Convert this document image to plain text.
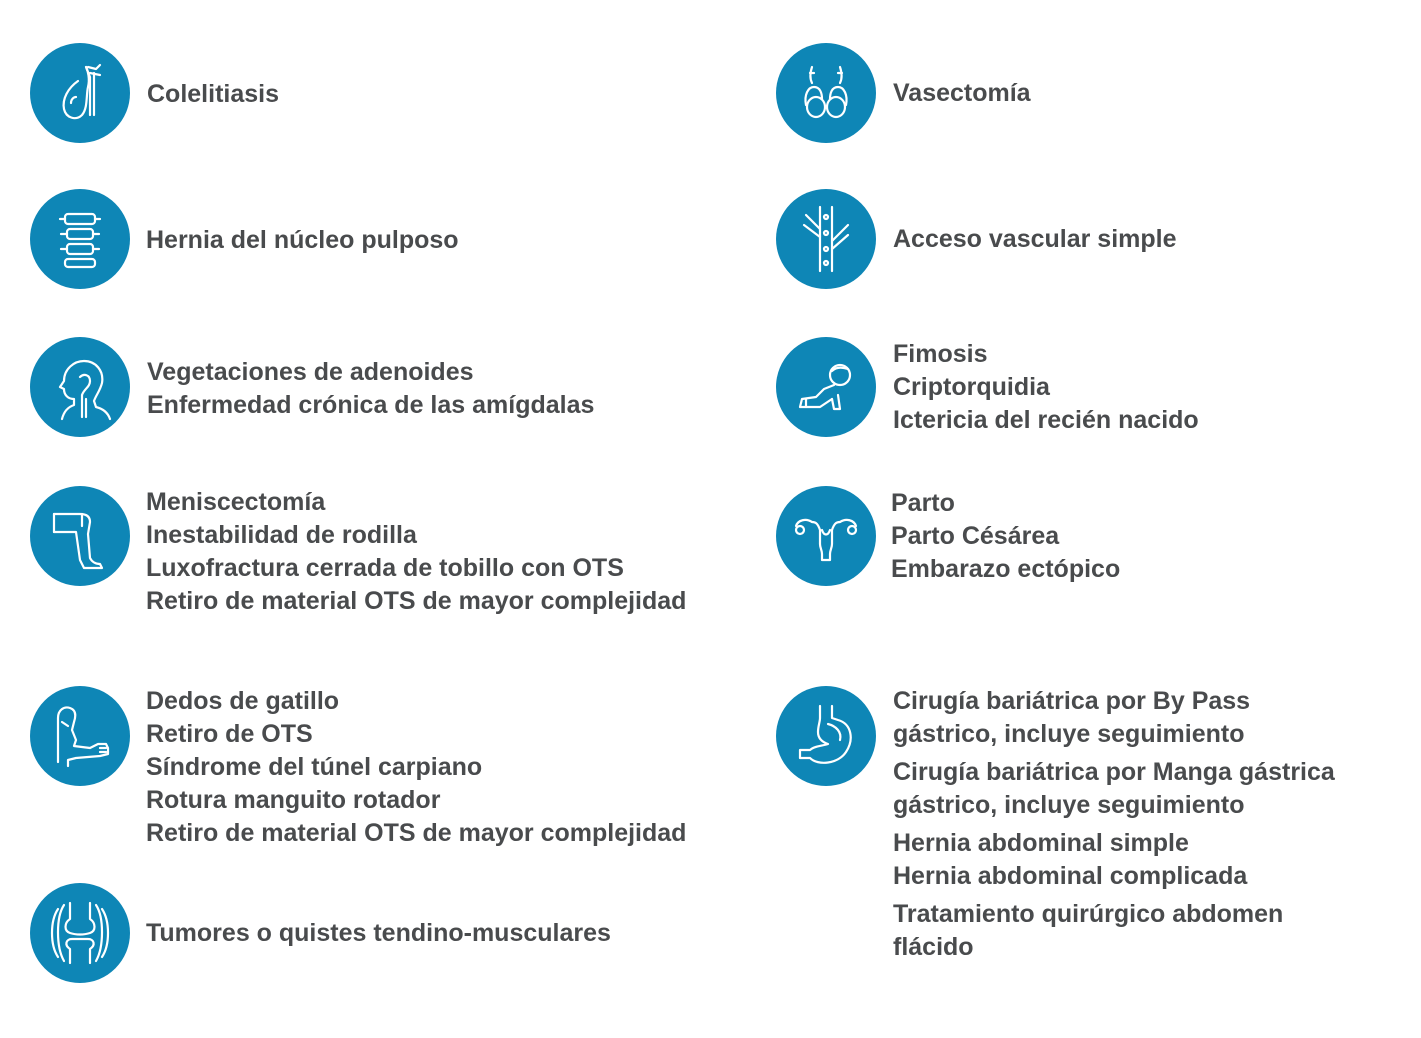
Colelitiasis
Hernia del núcleo pulposo
Vegetaciones de adenoides
Enfermedad crónica de las amígdalas
Meniscectomía
Inestabilidad de rodilla
Luxofractura cerrada de tobillo con OTS
Retiro de material OTS de mayor complejidad
Dedos de gatillo
Retiro de OTS
Síndrome del túnel carpiano
Rotura manguito rotador
Retiro de material OTS de mayor complejidad
Tumores o quistes tendino-musculares
Vasectomía
Acceso vascular simple
Fimosis
Criptorquidia
Ictericia del recién nacido
Parto
Parto Césárea
Embarazo ectópico
Cirugía bariátrica por By Pass
gástrico, incluye seguimiento
Cirugía bariátrica por Manga gástrica
gástrico, incluye seguimiento
Hernia abdominal simple
Hernia abdominal complicada
Tratamiento quirúrgico abdomen
flácido
